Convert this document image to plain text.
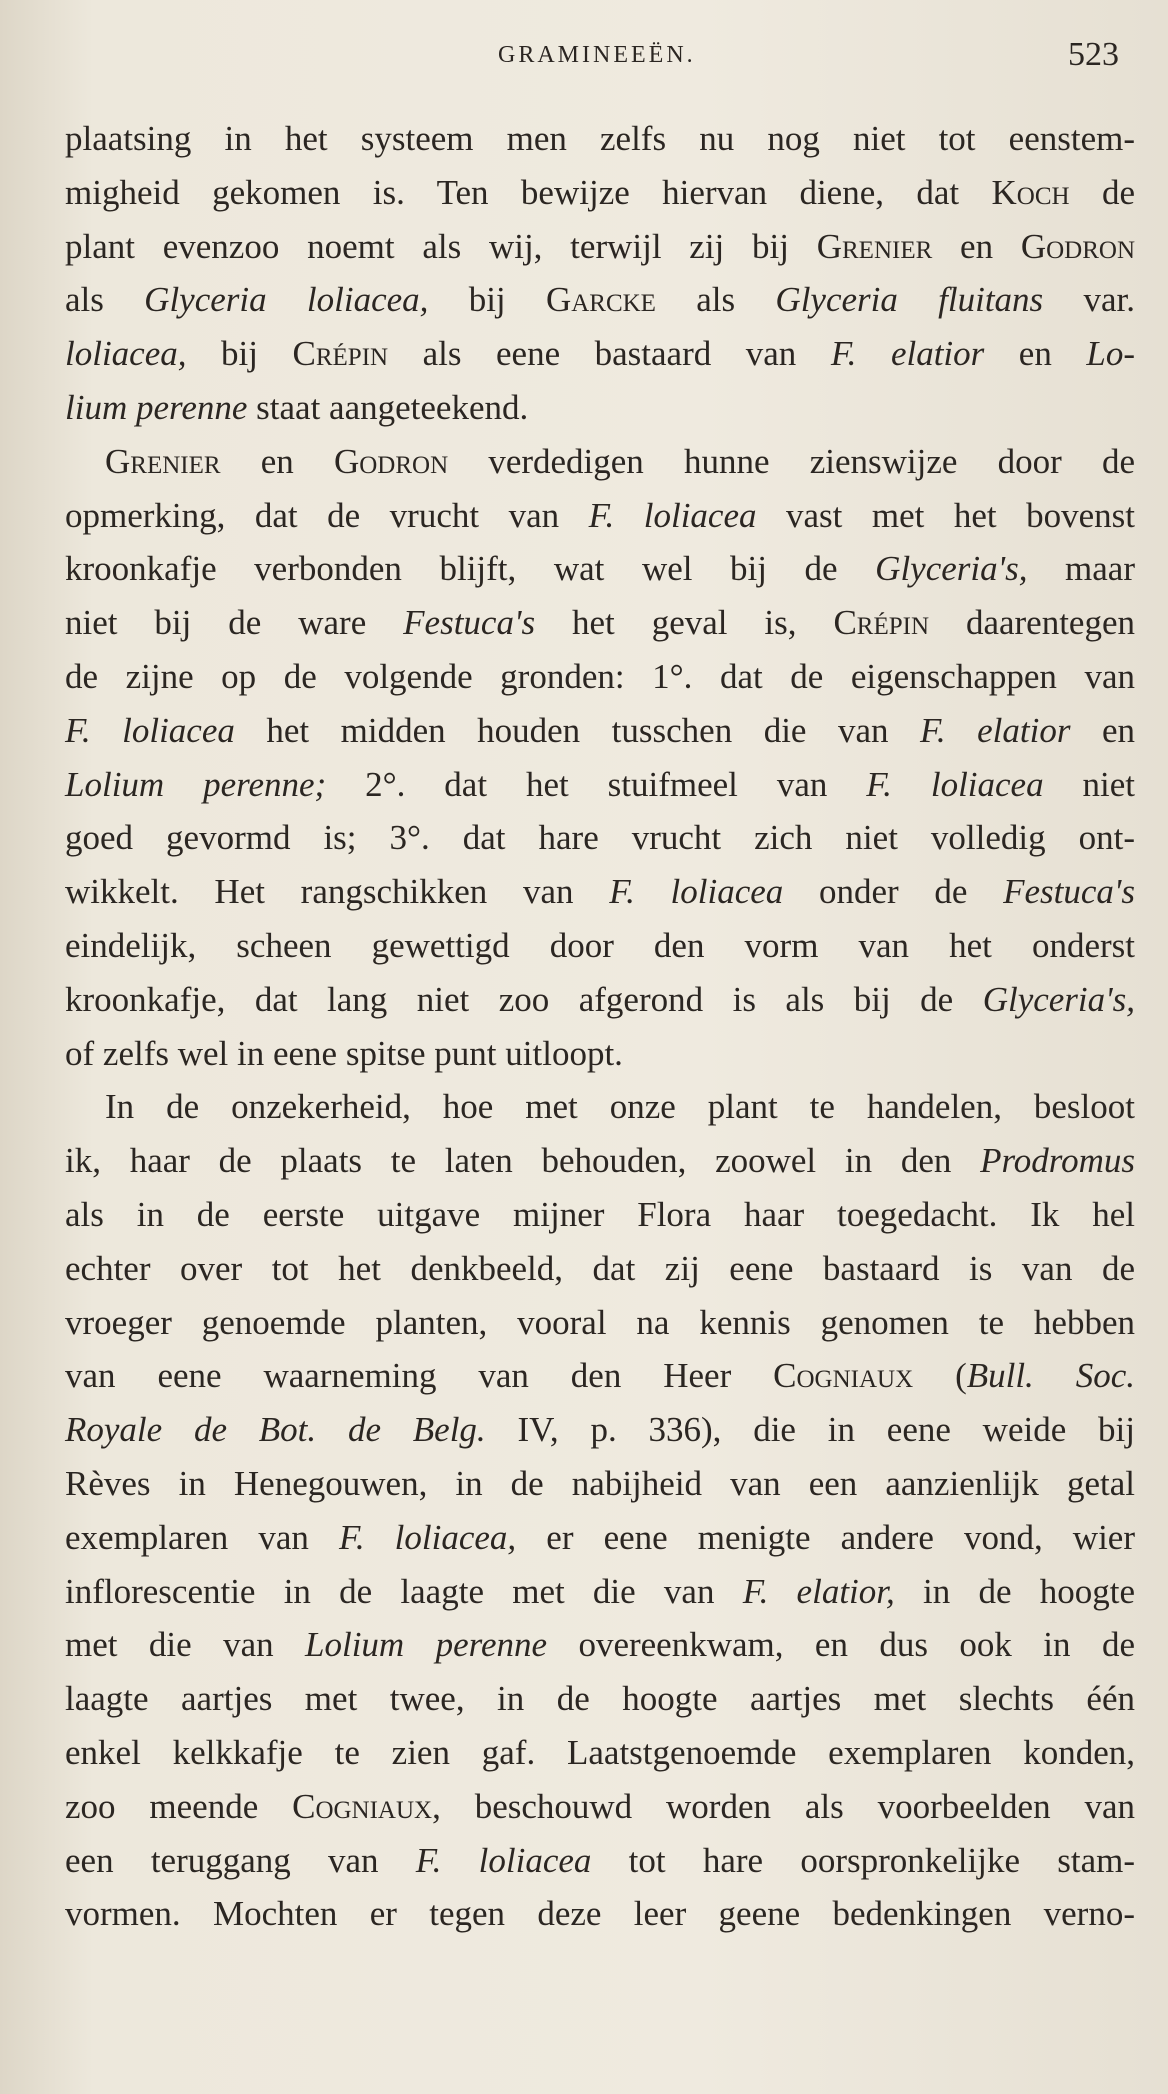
GRAMINEEËN.	523
plaatsing in het systeem men zelfs nu nog niet tot eenstem-
migheid gekomen is. Ten bewijze hiervan diene, dat Koch de
plant evenzoo noemt als wij, terwijl zij bij Grenier en Godron
als Glyceria loliacea, bij Garcke als Glyceria fluitans var.
loliacea, bij Crépin als eene bastaard van F. elatior en Lo-
lium perenne staat aangeteekend.
Grenier en Godron verdedigen hunne zienswijze door de
opmerking, dat de vrucht van F. loliacea vast met het bovenst
kroonkafje verbonden blijft, wat wel bij de Glyceria's, maar
niet bij de ware Festuca's het geval is, Crépin daarentegen
de zijne op de volgende gronden: 1°. dat de eigenschappen van
F. loliacea het midden houden tusschen die van F. elatior en
Lolium perenne; 2°. dat het stuifmeel van F. loliacea niet
goed gevormd is; 3°. dat hare vrucht zich niet volledig ont-
wikkelt. Het rangschikken van F. loliacea onder de Festuca's
eindelijk, scheen gewettigd door den vorm van het onderst
kroonkafje, dat lang niet zoo afgerond is als bij de Glyceria's,
of zelfs wel in eene spitse punt uitloopt.
In de onzekerheid, hoe met onze plant te handelen, besloot
ik, haar de plaats te laten behouden, zoowel in den Prodromus
als in de eerste uitgave mijner Flora haar toegedacht. Ik hel
echter over tot het denkbeeld, dat zij eene bastaard is van de
vroeger genoemde planten, vooral na kennis genomen te hebben
van eene waarneming van den Heer Cogniaux (Bull. Soc.
Royale de Bot. de Belg. IV, p. 336), die in eene weide bij
Rèves in Henegouwen, in de nabijheid van een aanzienlijk getal
exemplaren van F. loliacea, er eene menigte andere vond, wier
inflorescentie in de laagte met die van F. elatior, in de hoogte
met die van Lolium perenne overeenkwam, en dus ook in de
laagte aartjes met twee, in de hoogte aartjes met slechts één
enkel kelkkafje te zien gaf. Laatstgenoemde exemplaren konden,
zoo meende Cogniaux, beschouwd worden als voorbeelden van
een teruggang van F. loliacea tot hare oorspronkelijke stam-
vormen. Mochten er tegen deze leer geene bedenkingen verno-
